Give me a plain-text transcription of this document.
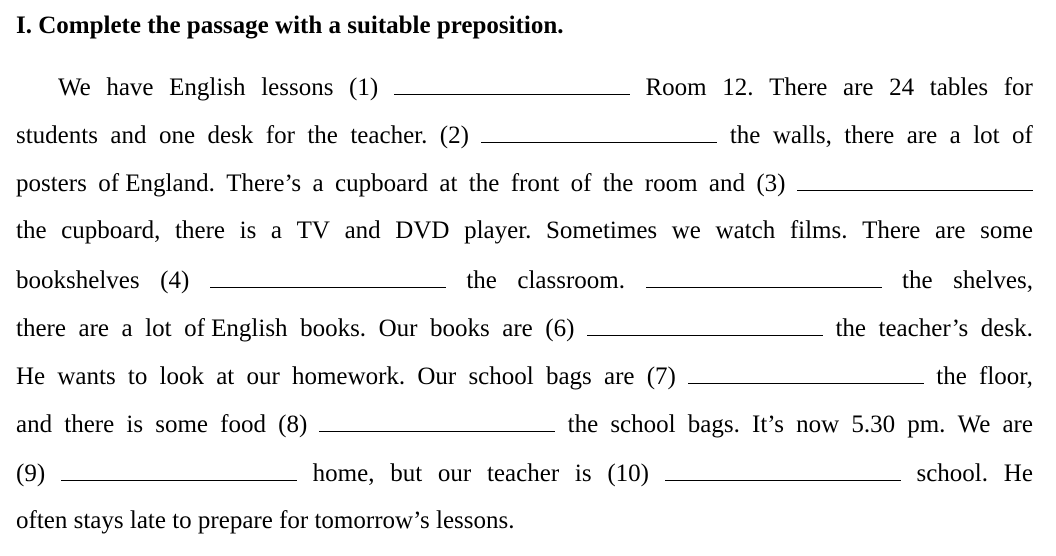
I. Complete the passage with a suitable preposition.
We have English lessons (1)	Room 12. There are 24 tables for
students and one desk for the teacher. (2)	the walls, there are a lot of
posters of England. There’s a cupboard at the front of the room and (3)
the cupboard, there is a TV and DVD player. Sometimes we watch films. There are some
bookshelves (4)	the classroom.	the shelves,
there are a lot of English books. Our books are (6)	the teacher’s desk.
He wants to look at our homework. Our school bags are (7)	the floor,
and there is some food (8)	the school bags. It’s now 5.30 pm. We are
(9)	home, but our teacher is (10)	school. He
often stays late to prepare for tomorrow’s lessons.
